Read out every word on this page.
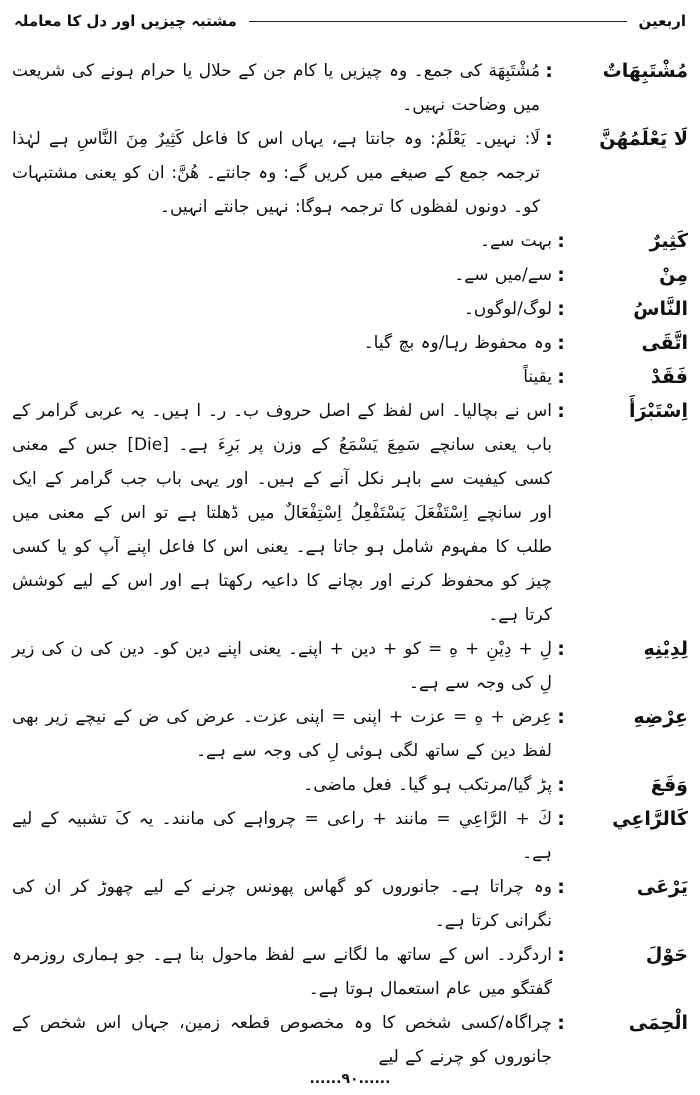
اربعین
مشتبہ چیزیں اور دل کا معاملہ
مُشْتَبِهَاتٌ
:
مُشْتَبِهَة کی جمع۔ وہ چیزیں یا کام جن کے حلال یا حرام ہونے کی شریعت میں وضاحت نہیں۔
لَا يَعْلَمُهُنَّ
:
لَا: نہیں۔ يَعْلَمُ: وہ جانتا ہے، یہاں اس کا فاعل كَثِيرٌ مِنَ النَّاسِ ہے لہٰذا ترجمہ جمع کے صیغے میں کریں گے: وہ جانتے۔ هُنَّ: ان کو یعنی مشتبہات کو۔ دونوں لفظوں کا ترجمہ ہوگا: نہیں جانتے انہیں۔
كَثِيرٌ
:
بہت سے۔
مِنْ
:
سے/میں سے۔
النَّاسُ
:
لوگ/لوگوں۔
اتَّقَى
:
وہ محفوظ رہا/وہ بچ گیا۔
فَقَدْ
:
یقیناً
اِسْتَبْرَأَ
:
اس نے بچالیا۔ اس لفظ کے اصل حروف ب۔ ر۔ ا ہیں۔ یہ عربی گرامر کے باب یعنی سانچے سَمِعَ يَسْمَعُ کے وزن پر بَرِءَ ہے۔ [Die] جس کے معنی کسی کیفیت سے باہر نکل آنے کے ہیں۔ اور یہی باب جب گرامر کے ایک اور سانچے اِسْتَفْعَلَ يَسْتَفْعِلُ اِسْتِفْعَالٌ میں ڈھلتا ہے تو اس کے معنی میں طلب کا مفہوم شامل ہو جاتا ہے۔ یعنی اس کا فاعل اپنے آپ کو یا کسی چیز کو محفوظ کرنے اور بچانے کا داعیہ رکھتا ہے اور اس کے لیے کوشش کرتا ہے۔
لِدِيْنِهِ
:
لِ + دِيْنِ + هِ = کو + دین + اپنے۔ یعنی اپنے دین کو۔ دین کی ن کی زیر لِ کی وجہ سے ہے۔
عِرْضِهِ
:
عِرض + هِ = عزت + اپنی = اپنی عزت۔ عرض کی ض کے نیچے زیر بھی لفظ دین کے ساتھ لگی ہوئی لِ کی وجہ سے ہے۔
وَقَعَ
:
پڑ گیا/مرتکب ہو گیا۔ فعل ماضی۔
كَالرَّاعِي
:
كَ + الرَّاعِي = مانند + راعی = چرواہے کی مانند۔ یہ کَ تشبیہ کے لیے ہے۔
يَرْعَى
:
وہ چراتا ہے۔ جانوروں کو گھاس پھونس چرنے کے لیے چھوڑ کر ان کی نگرانی کرتا ہے۔
حَوْلَ
:
اردگرد۔ اس کے ساتھ ما لگانے سے لفظ ماحول بنا ہے۔ جو ہماری روزمرہ گفتگو میں عام استعمال ہوتا ہے۔
الْحِمَى
:
چراگاہ/کسی شخص کا وہ مخصوص قطعہ زمین، جہاں اس شخص کے جانوروں کو چرنے کے لیے
......۹۰......
